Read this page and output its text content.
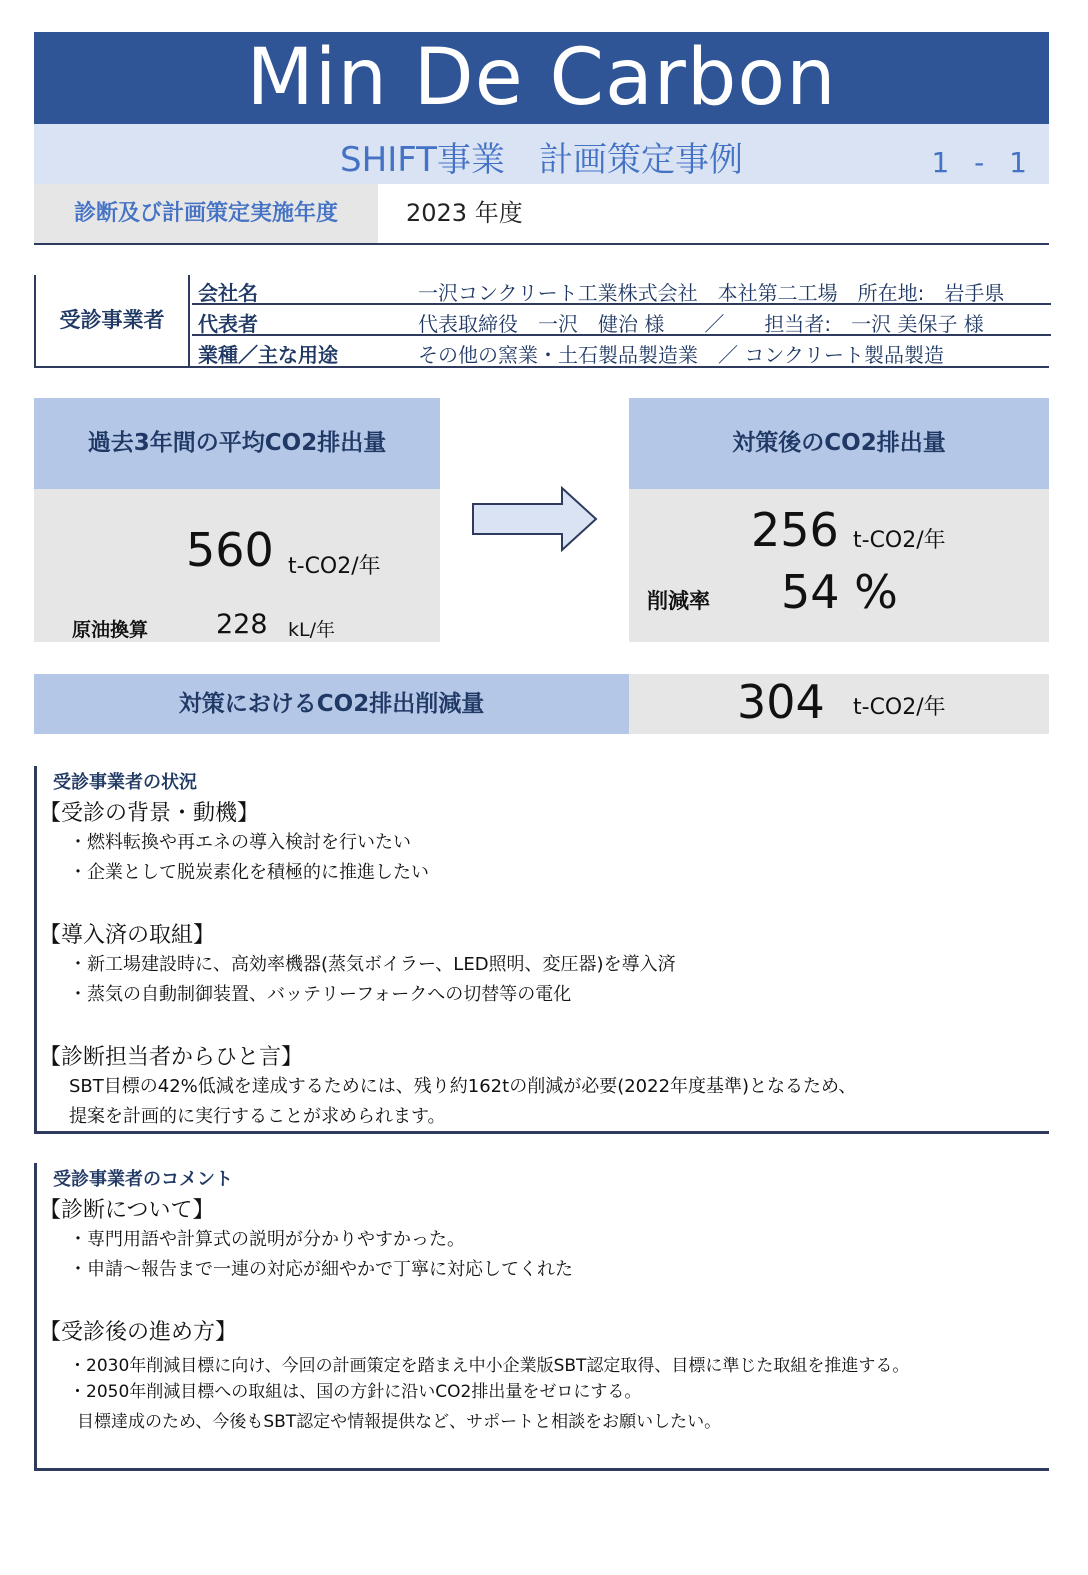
Min De Carbon
SHIFT事業　計画策定事例	1 - 1
診断及び計画策定実施年度	2023 年度
受診事業者
会社名	一沢コンクリート工業株式会社　本社第二工場　所在地:　岩手県
代表者	代表取締役　一沢　健治 様　　／　　担当者:　一沢 美保子 様
業種／主な用途	その他の窯業・土石製品製造業　／ コンクリート製品製造
過去3年間の平均CO2排出量
560 t-CO2/年
原油換算	228 kL/年
対策後のCO2排出量
256 t-CO2/年
削減率 54 %
対策におけるCO2排出削減量	304 t-CO2/年
受診事業者の状況
【受診の背景・動機】
・燃料転換や再エネの導入検討を行いたい
・企業として脱炭素化を積極的に推進したい
【導入済の取組】
・新工場建設時に、高効率機器(蒸気ボイラー、LED照明、変圧器)を導入済
・蒸気の自動制御装置、バッテリーフォークへの切替等の電化
【診断担当者からひと言】
SBT目標の42%低減を達成するためには、残り約162tの削減が必要(2022年度基準)となるため、
提案を計画的に実行することが求められます。
受診事業者のコメント
【診断について】
・専門用語や計算式の説明が分かりやすかった。
・申請～報告まで一連の対応が細やかで丁寧に対応してくれた
【受診後の進め方】
・2030年削減目標に向け、今回の計画策定を踏まえ中小企業版SBT認定取得、目標に準じた取組を推進する。
・2050年削減目標への取組は、国の方針に沿いCO2排出量をゼロにする。
目標達成のため、今後もSBT認定や情報提供など、サポートと相談をお願いしたい。
